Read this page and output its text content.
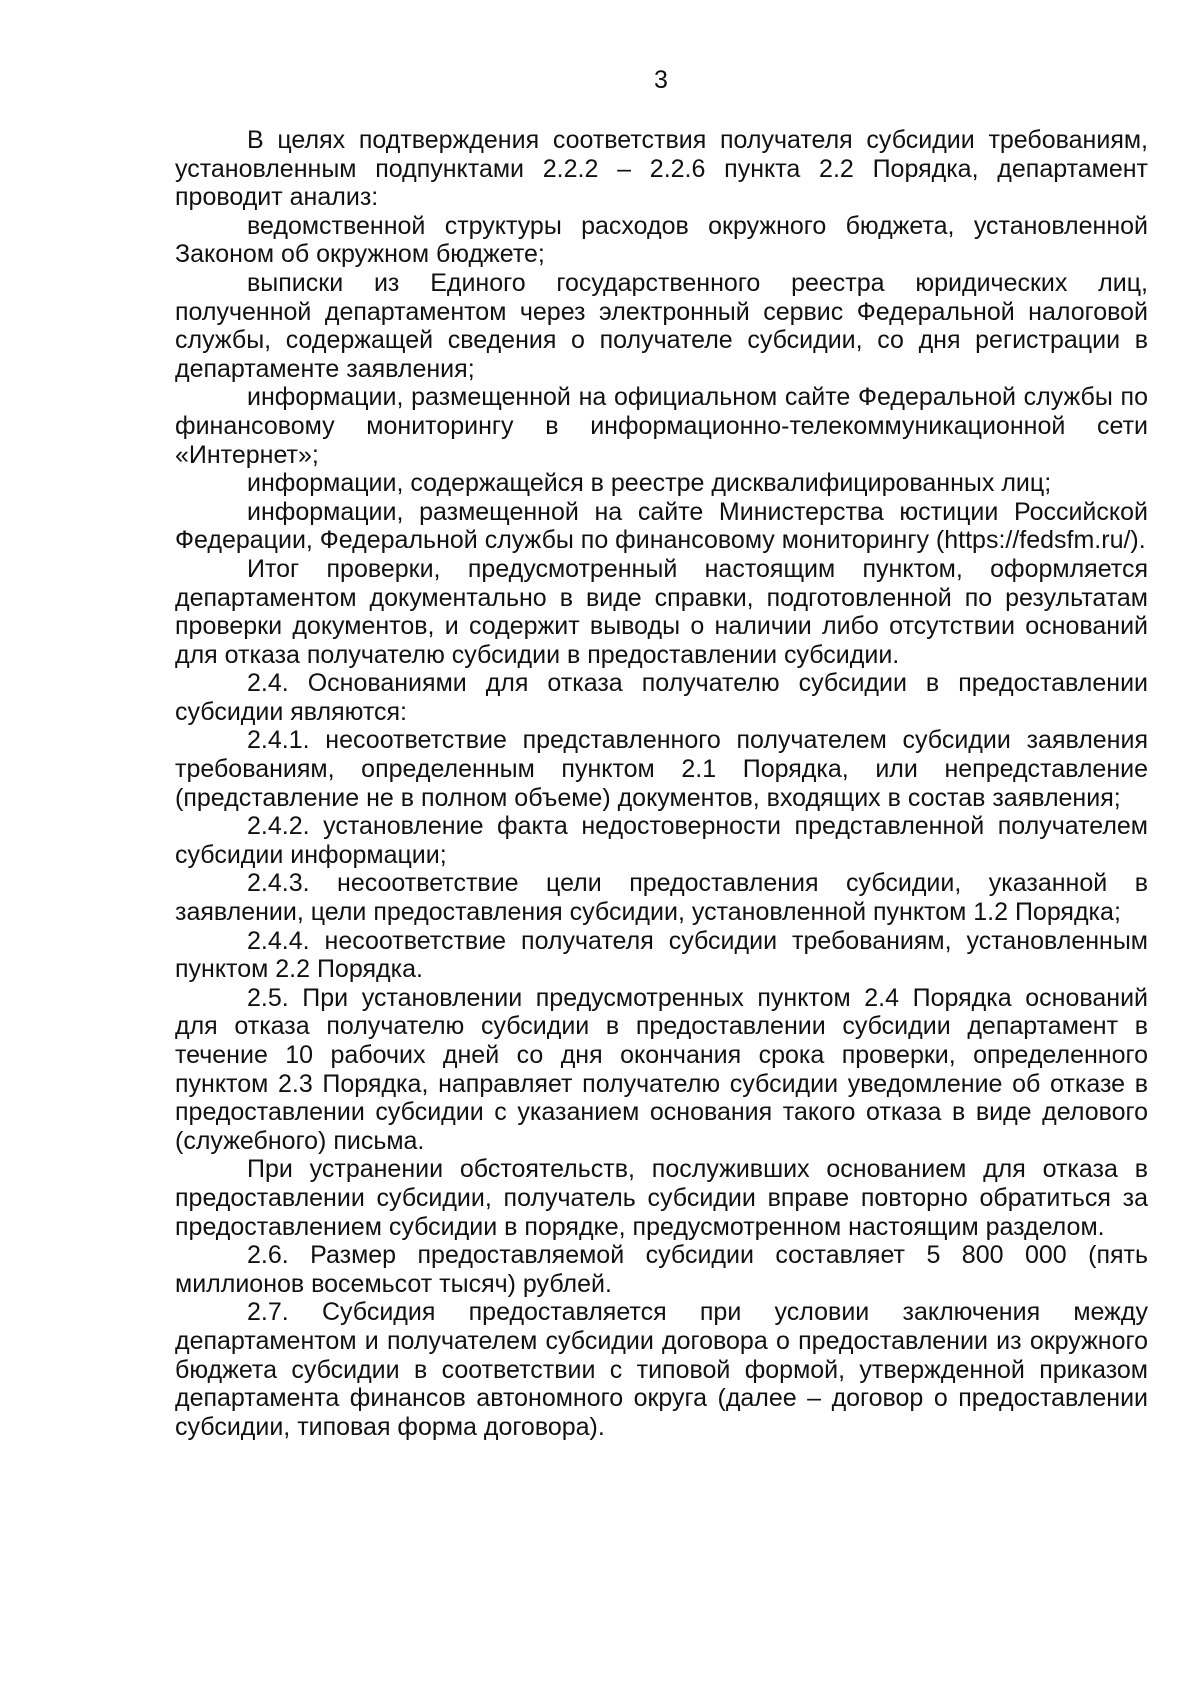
3

В целях подтверждения соответствия получателя субсидии требованиям, установленным подпунктами 2.2.2 – 2.2.6 пункта 2.2 Порядка, департамент проводит анализ:

ведомственной структуры расходов окружного бюджета, установленной Законом об окружном бюджете;

выписки из Единого государственного реестра юридических лиц, полученной департаментом через электронный сервис Федеральной налоговой службы, содержащей сведения о получателе субсидии, со дня регистрации в департаменте заявления;

информации, размещенной на официальном сайте Федеральной службы по финансовому мониторингу в информационно-телекоммуникационной сети «Интернет»;

информации, содержащейся в реестре дисквалифицированных лиц;

информации, размещенной на сайте Министерства юстиции Российской Федерации, Федеральной службы по финансовому мониторингу (https://fedsfm.ru/).

Итог проверки, предусмотренный настоящим пунктом, оформляется департаментом документально в виде справки, подготовленной по результатам проверки документов, и содержит выводы о наличии либо отсутствии оснований для отказа получателю субсидии в предоставлении субсидии.

2.4. Основаниями для отказа получателю субсидии в предоставлении субсидии являются:

2.4.1. несоответствие представленного получателем субсидии заявления требованиям, определенным пунктом 2.1 Порядка, или непредставление (представление не в полном объеме) документов, входящих в состав заявления;

2.4.2. установление факта недостоверности представленной получателем субсидии информации;

2.4.3. несоответствие цели предоставления субсидии, указанной в заявлении, цели предоставления субсидии, установленной пунктом 1.2 Порядка;

2.4.4. несоответствие получателя субсидии требованиям, установленным пунктом 2.2 Порядка.

2.5. При установлении предусмотренных пунктом 2.4 Порядка оснований для отказа получателю субсидии в предоставлении субсидии департамент в течение 10 рабочих дней со дня окончания срока проверки, определенного пунктом 2.3 Порядка, направляет получателю субсидии уведомление об отказе в предоставлении субсидии с указанием основания такого отказа в виде делового (служебного) письма.

При устранении обстоятельств, послуживших основанием для отказа в предоставлении субсидии, получатель субсидии вправе повторно обратиться за предоставлением субсидии в порядке, предусмотренном настоящим разделом.

2.6. Размер предоставляемой субсидии составляет 5 800 000 (пять миллионов восемьсот тысяч) рублей.

2.7. Субсидия предоставляется при условии заключения между департаментом и получателем субсидии договора о предоставлении из окружного бюджета субсидии в соответствии с типовой формой, утвержденной приказом департамента финансов автономного округа (далее – договор о предоставлении субсидии, типовая форма договора).
